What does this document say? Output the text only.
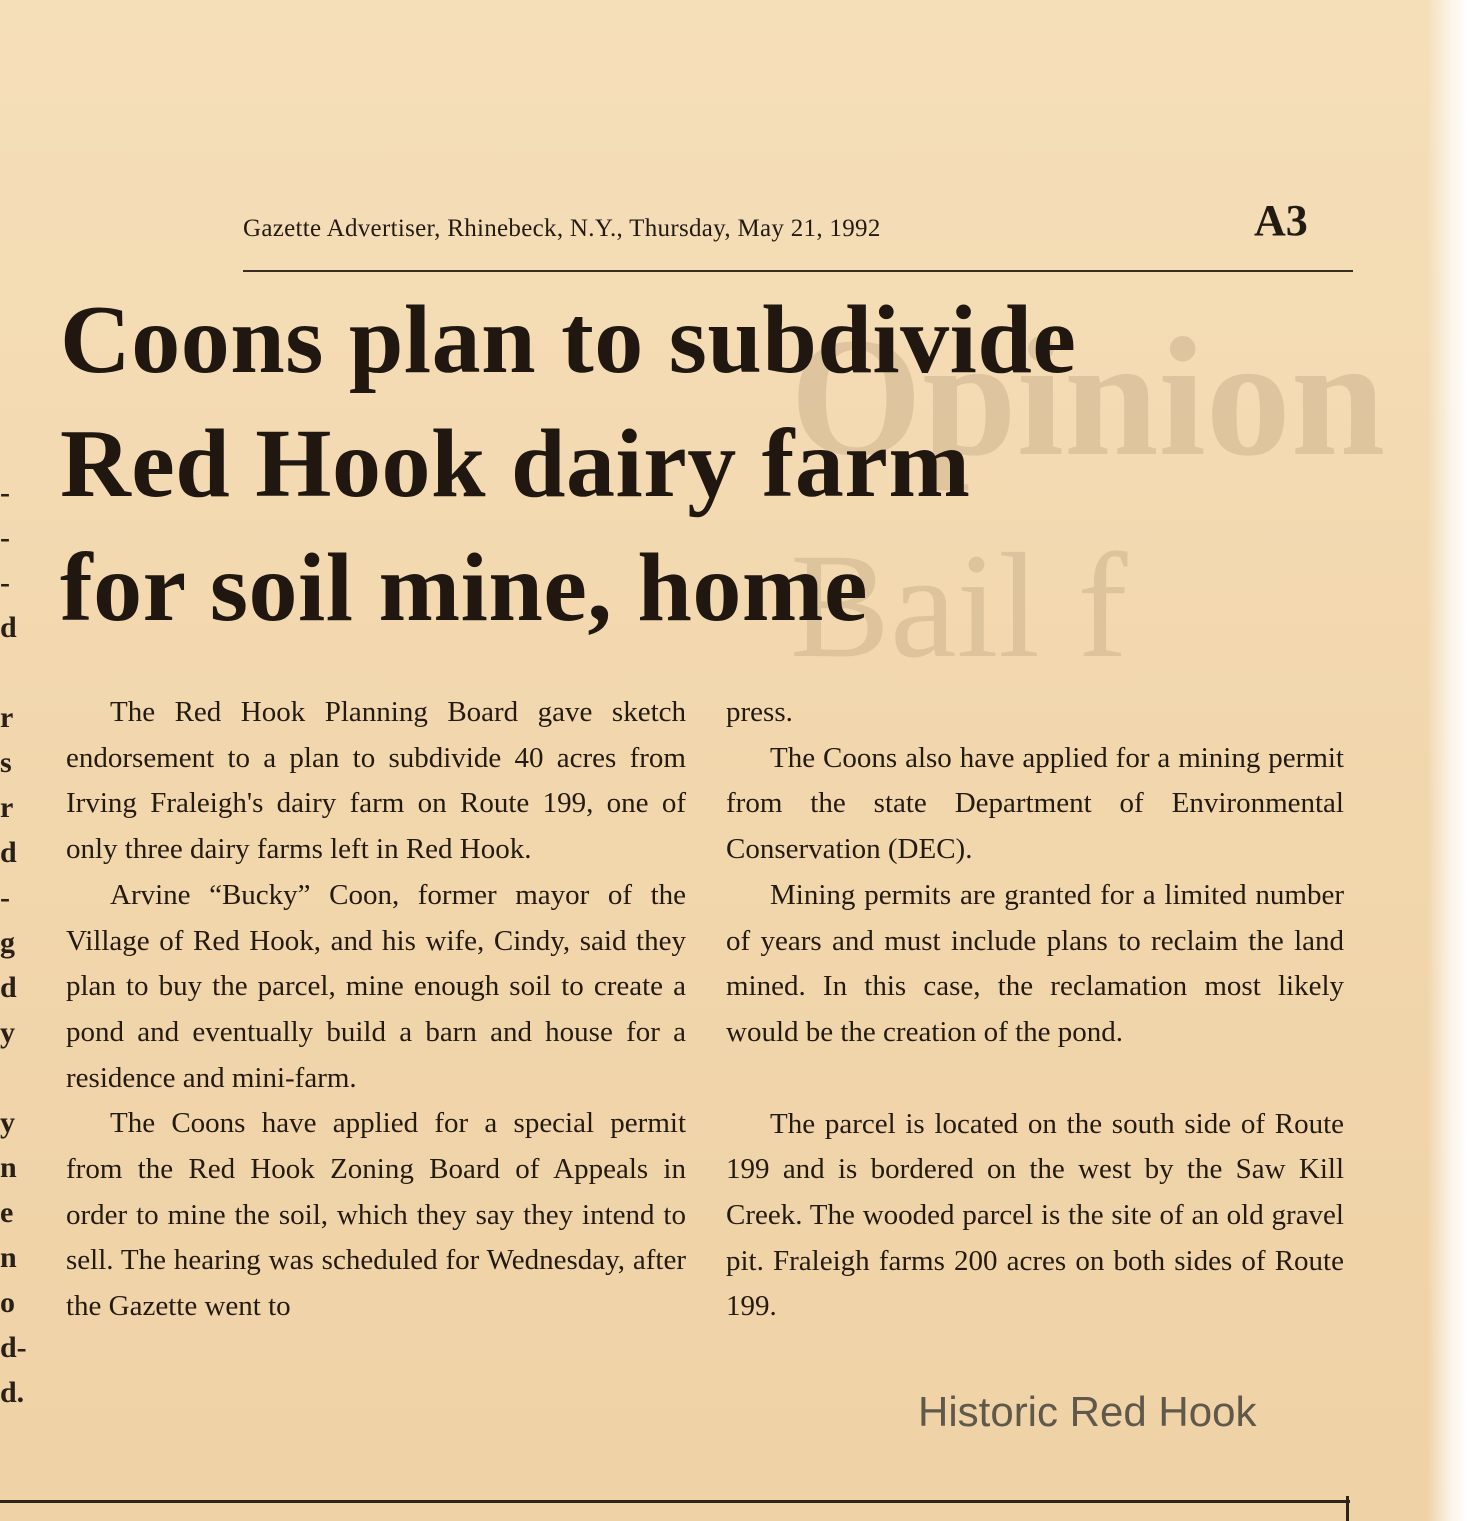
Opinion
Bail f
-
-
-
d

r
s
r
d
-
g
d
y

y
n
e
n
o
d-
d.
Gazette Advertiser, Rhinebeck, N.Y., Thursday, May 21, 1992	A3
Coons plan to subdivide
Red Hook dairy farm
for soil mine, home

The Red Hook Planning Board gave sketch endorsement to a plan to subdivide 40 acres from Irving Fraleigh's dairy farm on Route 199, one of only three dairy farms left in Red Hook.

Arvine “Bucky” Coon, former mayor of the Village of Red Hook, and his wife, Cindy, said they plan to buy the parcel, mine enough soil to create a pond and eventually build a barn and house for a residence and mini-farm.

The Coons have applied for a special permit from the Red Hook Zoning Board of Appeals in order to mine the soil, which they say they intend to sell. The hearing was scheduled for Wednesday, after the Gazette went to

press.

The Coons also have applied for a mining permit from the state Department of Environmental Conservation (DEC).

Mining permits are granted for a limited number of years and must include plans to reclaim the land mined. In this case, the reclamation most likely would be the creation of the pond.

The parcel is located on the south side of Route 199 and is bordered on the west by the Saw Kill Creek. The wooded parcel is the site of an old gravel pit. Fraleigh farms 200 acres on both sides of Route 199.

Historic Red Hook
